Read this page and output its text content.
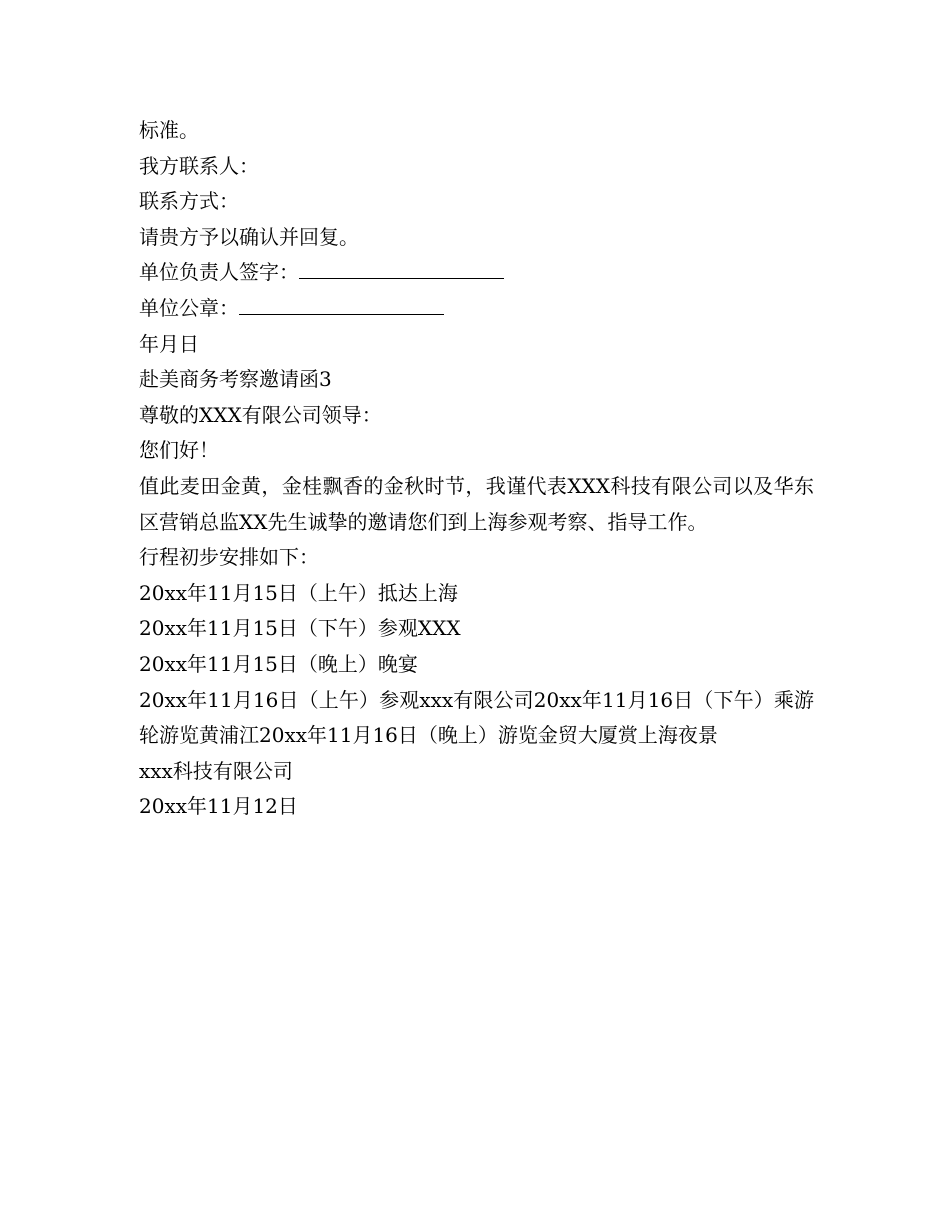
标准。

我方联系人：

联系方式：

请贵方予以确认并回复。

单位负责人签字：

单位公章：

年月日

赴美商务考察邀请函3

尊敬的XXX有限公司领导：

您们好！

值此麦田金黄，金桂飘香的金秋时节，我谨代表XXX科技有限公司以及华东区营销总监XX先生诚挚的邀请您们到上海参观考察、指导工作。

行程初步安排如下：

20xx年11月15日（上午）抵达上海

20xx年11月15日（下午）参观XXX

20xx年11月15日（晚上）晚宴

20xx年11月16日（上午）参观xxx有限公司20xx年11月16日（下午）乘游轮游览黄浦江20xx年11月16日（晚上）游览金贸大厦赏上海夜景

xxx科技有限公司

20xx年11月12日
